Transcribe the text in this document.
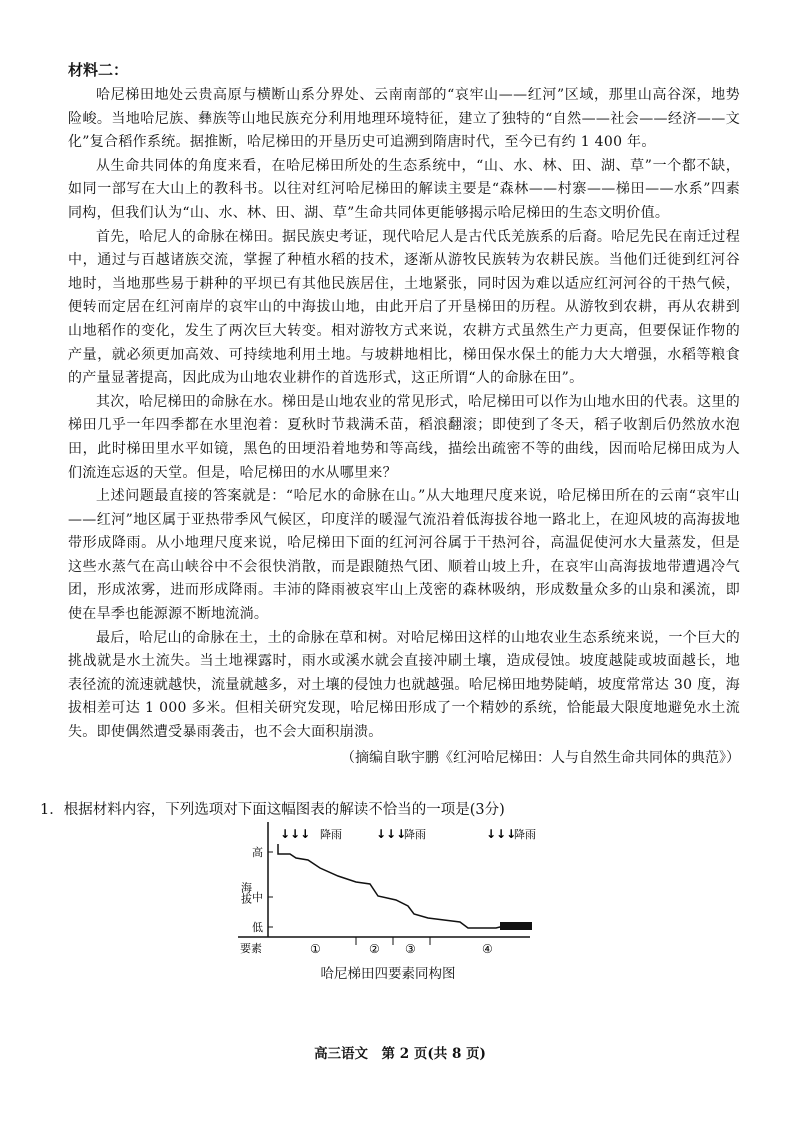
材料二：

哈尼梯田地处云贵高原与横断山系分界处、云南南部的“哀牢山——红河”区域，那里山高谷深，地势险峻。当地哈尼族、彝族等山地民族充分利用地理环境特征，建立了独特的“自然——社会——经济——文化”复合稻作系统。据推断，哈尼梯田的开垦历史可追溯到隋唐时代，至今已有约 1 400 年。

从生命共同体的角度来看，在哈尼梯田所处的生态系统中，“山、水、林、田、湖、草”一个都不缺，如同一部写在大山上的教科书。以往对红河哈尼梯田的解读主要是“森林——村寨——梯田——水系”四素同构，但我们认为“山、水、林、田、湖、草”生命共同体更能够揭示哈尼梯田的生态文明价值。

首先，哈尼人的命脉在梯田。据民族史考证，现代哈尼人是古代氐羌族系的后裔。哈尼先民在南迁过程中，通过与百越诸族交流，掌握了种植水稻的技术，逐渐从游牧民族转为农耕民族。当他们迁徙到红河谷地时，当地那些易于耕种的平坝已有其他民族居住，土地紧张，同时因为难以适应红河河谷的干热气候，便转而定居在红河南岸的哀牢山的中海拔山地，由此开启了开垦梯田的历程。从游牧到农耕，再从农耕到山地稻作的变化，发生了两次巨大转变。相对游牧方式来说，农耕方式虽然生产力更高，但要保证作物的产量，就必须更加高效、可持续地利用土地。与坡耕地相比，梯田保水保土的能力大大增强，水稻等粮食的产量显著提高，因此成为山地农业耕作的首选形式，这正所谓“人的命脉在田”。

其次，哈尼梯田的命脉在水。梯田是山地农业的常见形式，哈尼梯田可以作为山地水田的代表。这里的梯田几乎一年四季都在水里泡着：夏秋时节栽满禾苗，稻浪翻滚；即使到了冬天，稻子收割后仍然放水泡田，此时梯田里水平如镜，黑色的田埂沿着地势和等高线，描绘出疏密不等的曲线，因而哈尼梯田成为人们流连忘返的天堂。但是，哈尼梯田的水从哪里来？

上述问题最直接的答案就是：“哈尼水的命脉在山。”从大地理尺度来说，哈尼梯田所在的云南“哀牢山——红河”地区属于亚热带季风气候区，印度洋的暖湿气流沿着低海拔谷地一路北上，在迎风坡的高海拔地带形成降雨。从小地理尺度来说，哈尼梯田下面的红河河谷属于干热河谷，高温促使河水大量蒸发，但是这些水蒸气在高山峡谷中不会很快消散，而是跟随热气团、顺着山坡上升，在哀牢山高海拔地带遭遇冷气团，形成浓雾，进而形成降雨。丰沛的降雨被哀牢山上茂密的森林吸纳，形成数量众多的山泉和溪流，即使在旱季也能源源不断地流淌。

最后，哈尼山的命脉在土，土的命脉在草和树。对哈尼梯田这样的山地农业生态系统来说，一个巨大的挑战就是水土流失。当土地裸露时，雨水或溪水就会直接冲刷土壤，造成侵蚀。坡度越陡或坡面越长，地表径流的流速就越快，流量就越多，对土壤的侵蚀力也就越强。哈尼梯田地势陡峭，坡度常常达 30 度，海拔相差可达 1 000 多米。但相关研究发现，哈尼梯田形成了一个精妙的系统，恰能最大限度地避免水土流失。即使偶然遭受暴雨袭击，也不会大面积崩溃。

（摘编自耿宇鹏《红河哈尼梯田：人与自然生命共同体的典范》）
1．根据材料内容，下列选项对下面这幅图表的解读不恰当的一项是(3分)
海拔
高
中
低
要素	①	② ③	④
↓↓↓ 降雨	↓↓↓
降雨	↓↓↓
降雨
哈尼梯田四要素同构图
高三语文　第 2 页(共 8 页)
